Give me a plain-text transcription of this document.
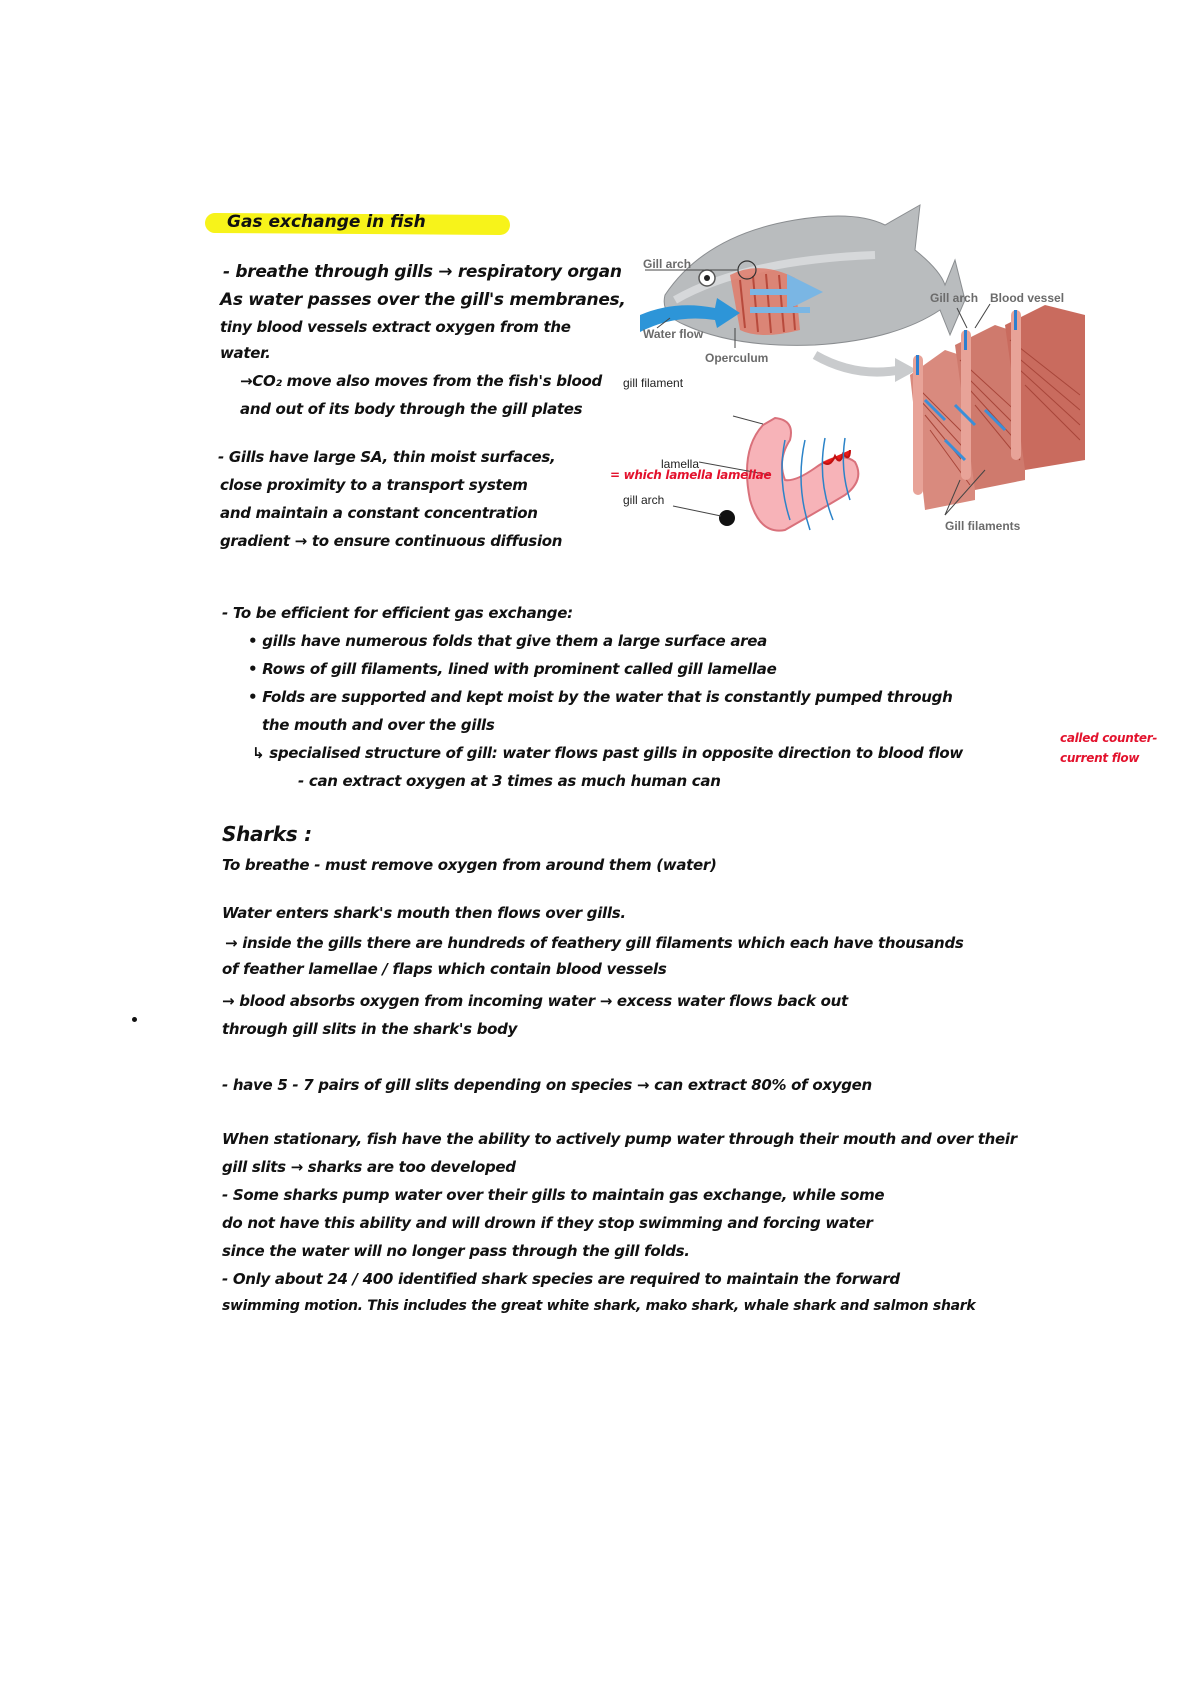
Gas exchange in fish
- breathe through gills → respiratory organ
As water passes over the gill's membranes,
tiny blood vessels extract oxygen from the
water.
→CO₂ move also moves from the fish's blood
and out of its body through the gill plates
- Gills have large SA, thin moist surfaces,
close proximity to a transport system
and maintain a constant concentration
gradient → to ensure continuous diffusion
Gill arch
Water flow
Operculum
Gill arch Blood vessel
Gill filaments
gill filament
lamella
gill arch
= which lamella lamellae
- To be efficient for efficient gas exchange:
• gills have numerous folds that give them a large surface area
• Rows of gill filaments, lined with prominent called gill lamellae
• Folds are supported and kept moist by the water that is constantly pumped through
the mouth and over the gills
↳ specialised structure of gill: water flows past gills in opposite direction to blood flow
- can extract oxygen at 3 times as much human can
called counter-current flow
Sharks :
To breathe - must remove oxygen from around them (water)
Water enters shark's mouth then flows over gills.
→ inside the gills there are hundreds of feathery gill filaments which each have thousands
of feather lamellae / flaps which contain blood vessels
→ blood absorbs oxygen from incoming water → excess water flows back out
through gill slits in the shark's body
- have 5 - 7 pairs of gill slits depending on species → can extract 80% of oxygen
When stationary, fish have the ability to actively pump water through their mouth and over their
gill slits → sharks are too developed
- Some sharks pump water over their gills to maintain gas exchange, while some
do not have this ability and will drown if they stop swimming and forcing water
since the water will no longer pass through the gill folds.
- Only about 24 / 400 identified shark species are required to maintain the forward
swimming motion. This includes the great white shark, mako shark, whale shark and salmon shark
